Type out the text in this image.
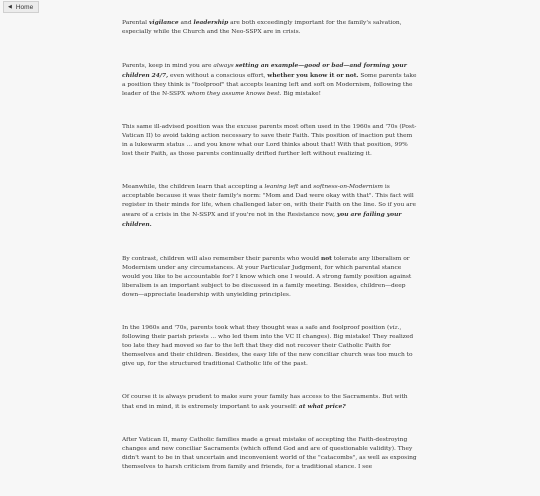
◀ Home

Parental vigilance and leadership are both exceedingly important for the family's salvation, especially while the Church and the Neo-SSPX are in crisis.

Parents, keep in mind you are always setting an example—good or bad—and forming your children 24/7, even without a conscious effort, whether you know it or not. Some parents take a position they think is "foolproof" that accepts leaning left and soft on Modernism, following the leader of the N-SSPX whom they assume knows best. Big mistake!

This same ill-advised position was the excuse parents most often used in the 1960s and '70s (Post-Vatican II) to avoid taking action necessary to save their Faith. This position of inaction put them in a lukewarm status ... and you know what our Lord thinks about that! With that position, 99% lost their Faith, as those parents continually drifted further left without realizing it.

Meanwhile, the children learn that accepting a leaning left and softness-on-Modernism is acceptable because it was their family's norm: "Mom and Dad were okay with that". This fact will register in their minds for life, when challenged later on, with their Faith on the line. So if you are aware of a crisis in the N-SSPX and if you're not in the Resistance now, you are failing your children.

By contrast, children will also remember their parents who would not tolerate any liberalism or Modernism under any circumstances. At your Particular Judgment, for which parental stance would you like to be accountable for? I know which one I would. A strong family position against liberalism is an important subject to be discussed in a family meeting. Besides, children—deep down—appreciate leadership with unyielding principles.

In the 1960s and '70s, parents took what they thought was a safe and foolproof position (viz., following their parish priests ... who led them into the VC II changes). Big mistake! They realized too late they had moved so far to the left that they did not recover their Catholic Faith for themselves and their children. Besides, the easy life of the new conciliar church was too much to give up, for the structured traditional Catholic life of the past.

Of course it is always prudent to make sure your family has access to the Sacraments. But with that end in mind, it is extremely important to ask yourself: at what price?

After Vatican II, many Catholic families made a great mistake of accepting the Faith-destroying changes and new conciliar Sacraments (which offend God and are of questionable validity). They didn't want to be in that uncertain and inconvenient world of the "catacombs", as well as exposing themselves to harsh criticism from family and friends, for a traditional stance. I see
